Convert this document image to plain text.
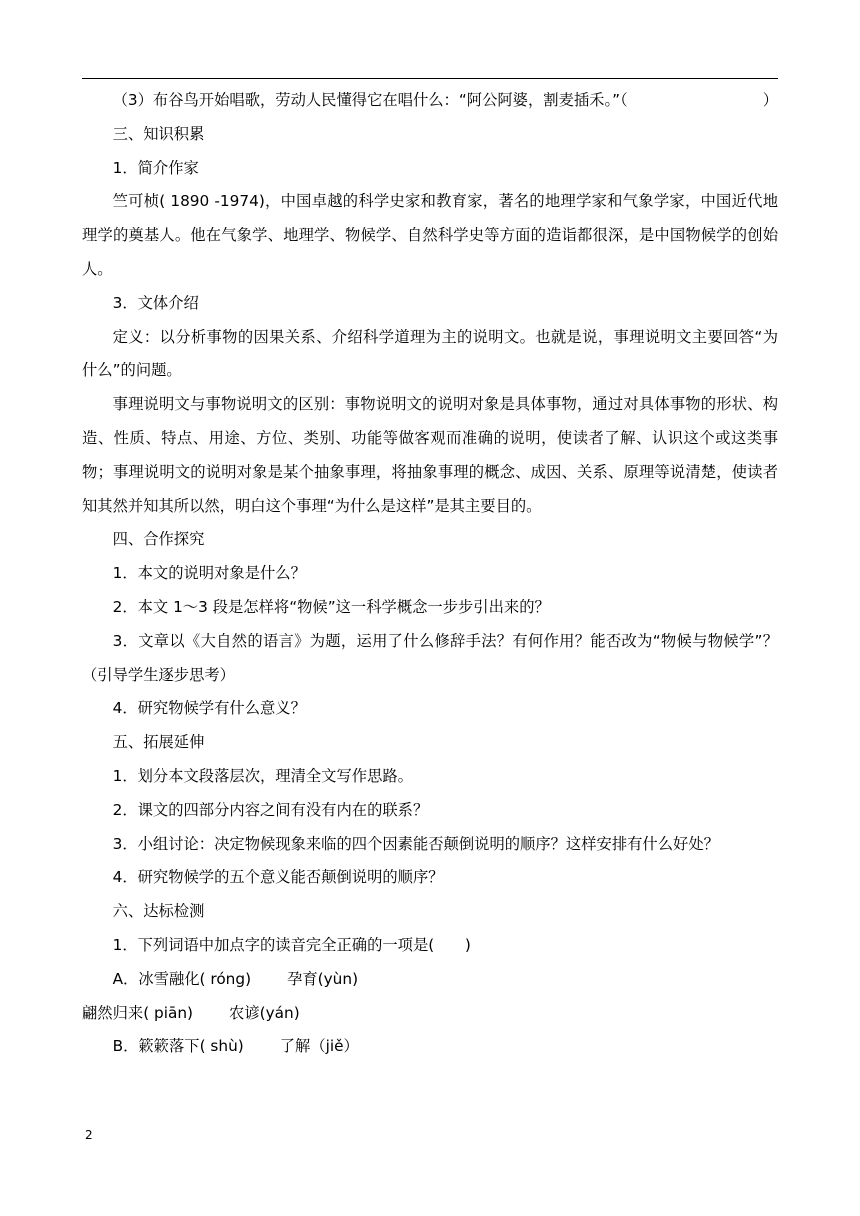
（3）布谷鸟开始唱歌，劳动人民懂得它在唱什么：“阿公阿婆，割麦插禾。”（	）

三、知识积累

1．简介作家

竺可桢( 1890 -1974)，中国卓越的科学史家和教育家，著名的地理学家和气象学家，中国近代地理学的奠基人。他在气象学、地理学、物候学、自然科学史等方面的造诣都很深，是中国物候学的创始人。

3．文体介绍

定义：以分析事物的因果关系、介绍科学道理为主的说明文。也就是说，事理说明文主要回答“为什么”的问题。

事理说明文与事物说明文的区别：事物说明文的说明对象是具体事物，通过对具体事物的形状、构造、性质、特点、用途、方位、类别、功能等做客观而准确的说明，使读者了解、认识这个或这类事物；事理说明文的说明对象是某个抽象事理，将抽象事理的概念、成因、关系、原理等说清楚，使读者知其然并知其所以然，明白这个事理“为什么是这样”是其主要目的。

四、合作探究

1．本文的说明对象是什么？

2．本文 1～3 段是怎样将“物候”这一科学概念一步步引出来的？

3．文章以《大自然的语言》为题，运用了什么修辞手法？有何作用？能否改为“物候与物候学”？（引导学生逐步思考）

4．研究物候学有什么意义？

五、拓展延伸

1．划分本文段落层次，理清全文写作思路。

2．课文的四部分内容之间有没有内在的联系？

3．小组讨论：决定物候现象来临的四个因素能否颠倒说明的顺序？这样安排有什么好处？

4．研究物候学的五个意义能否颠倒说明的顺序？

六、达标检测

1．下列词语中加点字的读音完全正确的一项是(　　)

A．冰雪融化( róng) 孕育(yùn)

翩然归来( piān) 农谚(yán)

B．簌簌落下( shù) 了解（jiě）

2
